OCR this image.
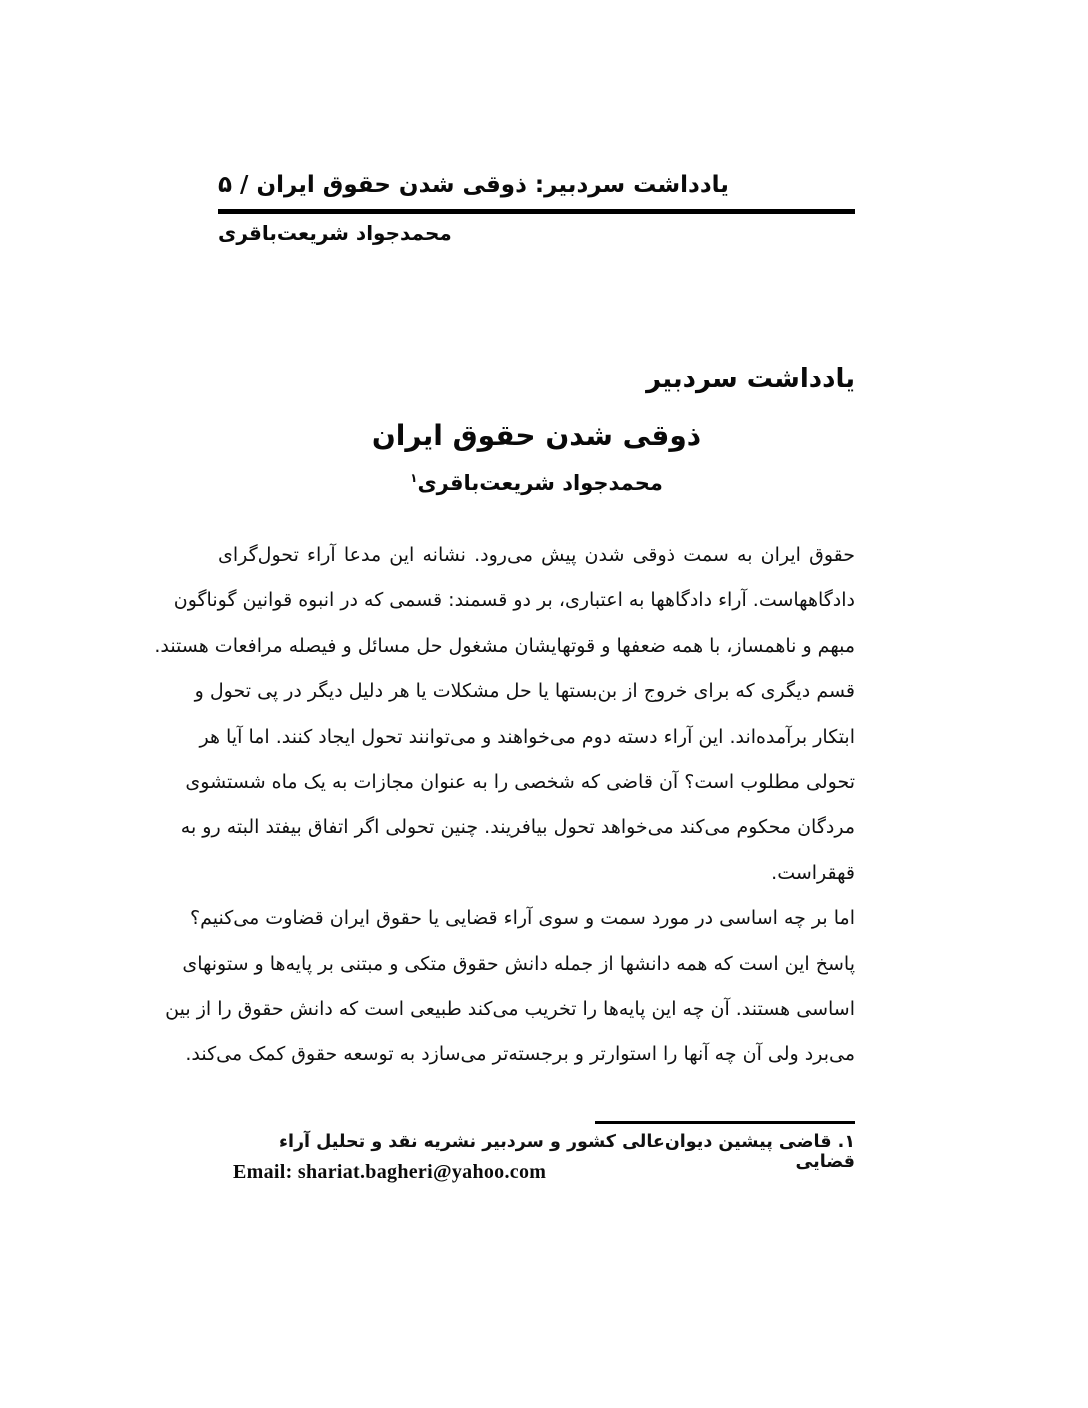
یادداشت سردبیر: ذوقی شدن حقوق ایران / ۵
محمدجواد شریعت‌باقری
یادداشت سردبیر
ذوقی شدن حقوق ایران
محمدجواد شریعت‌باقری$^۱$
حقوق ایران به سمت ذوقی شدن پیش می‌رود. نشانه این مدعا آراء تحول‌گرای
دادگاههاست. آراء دادگاهها به اعتباری، بر دو قسمند: قسمی که در انبوه قوانین گوناگون
مبهم و ناهمساز، با همه ضعفها و قوتهایشان مشغول حل مسائل و فیصله مرافعات هستند.
قسم دیگری که برای خروج از بن‌بستها یا حل مشکلات یا هر دلیل دیگر در پی تحول و
ابتکار برآمده‌اند. این آراء دسته دوم می‌خواهند و می‌توانند تحول ایجاد کنند. اما آیا هر
تحولی مطلوب است؟ آن قاضی که شخصی را به عنوان مجازات به یک ماه شستشوی
مردگان محکوم می‌کند می‌خواهد تحول بیافریند. چنین تحولی اگر اتفاق بیفتد البته رو به
قهقراست.
اما بر چه اساسی در مورد سمت و سوی آراء قضایی یا حقوق ایران قضاوت می‌کنیم؟
پاسخ این است که همه دانشها از جمله دانش حقوق متکی و مبتنی بر پایه‌ها و ستونهای
اساسی هستند. آن چه این پایه‌ها را تخریب می‌کند طبیعی است که دانش حقوق را از بین
می‌برد ولی آن چه آنها را استوارتر و برجسته‌تر می‌سازد به توسعه حقوق کمک می‌کند.
۱. قاضی پیشین دیوان‌عالی کشور و سردبیر نشریه نقد و تحلیل آراء قضایی
Email: shariat.bagheri@yahoo.com
